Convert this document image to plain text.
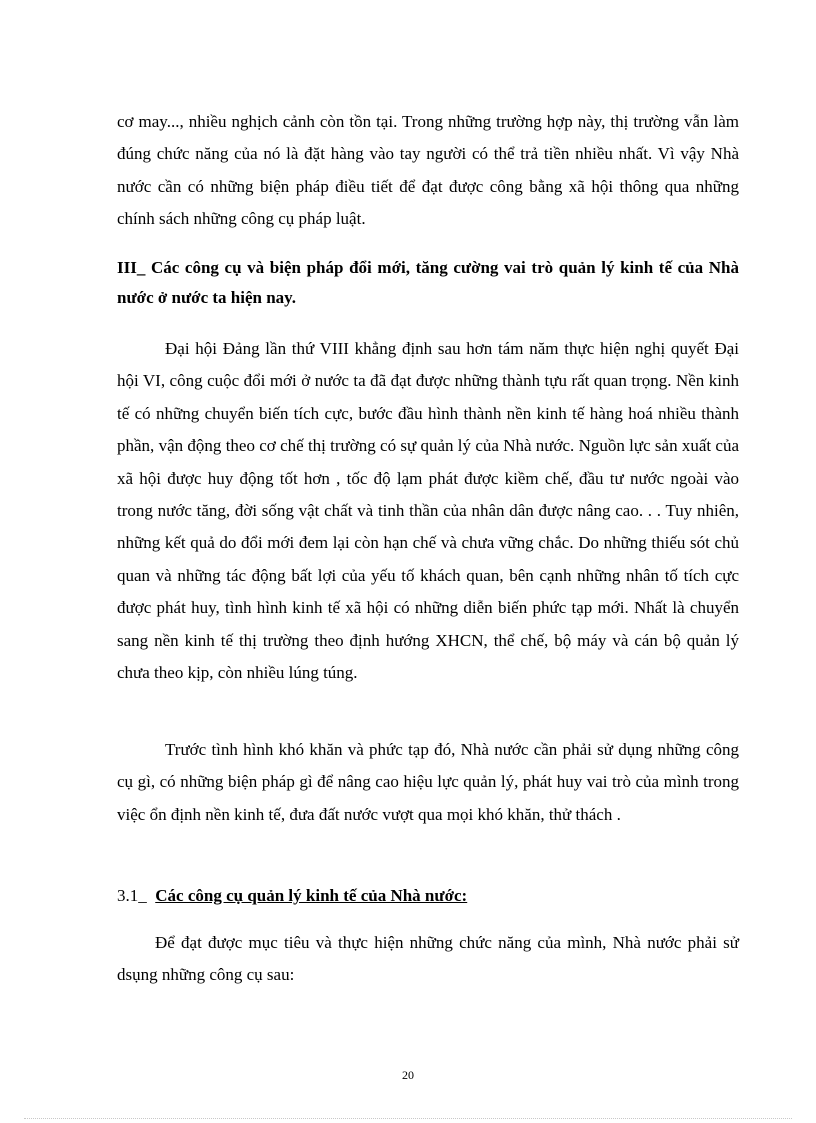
cơ may..., nhiều nghịch cảnh còn tồn tại. Trong những trường hợp này, thị trường vẫn làm đúng chức năng của nó là đặt hàng vào tay người có thể trả tiền nhiều nhất. Vì vậy Nhà nước cần có những biện pháp điều tiết để đạt được công bằng xã hội thông qua những chính sách những công cụ pháp luật.

III_ Các công cụ và biện pháp đổi mới, tăng cường vai trò quản lý kinh tế của Nhà nước ở nước ta hiện nay.

Đại hội Đảng lần thứ VIII khẳng định sau hơn tám năm thực hiện nghị quyết Đại hội VI, công cuộc đổi mới ở nước ta đã đạt được những thành tựu rất quan trọng. Nền kinh tế có những chuyển biến tích cực, bước đầu hình thành nền kinh tế hàng hoá nhiều thành phần, vận động theo cơ chế thị trường có sự quản lý của Nhà nước. Nguồn lực sản xuất của xã hội được huy động tốt hơn , tốc độ lạm phát được kiềm chế, đầu tư nước ngoài vào trong nước tăng, đời sống vật chất và tinh thần của nhân dân được nâng cao. . . Tuy nhiên, những kết quả do đổi mới đem lại còn hạn chế và chưa vững chắc. Do những thiếu sót chủ quan và những tác động bất lợi của yếu tố khách quan, bên cạnh những nhân tố tích cực được phát huy, tình hình kinh tế xã hội có những diễn biến phức tạp mới. Nhất là chuyển sang nền kinh tế thị trường theo định hướng XHCN, thể chế, bộ máy và cán bộ quản lý chưa theo kịp, còn nhiều lúng túng.

Trước tình hình khó khăn và phức tạp đó, Nhà nước cần phải sử dụng những công cụ gì, có những biện pháp gì để nâng cao hiệu lực quản lý, phát huy vai trò của mình trong việc ổn định nền kinh tế, đưa đất nước vượt qua mọi khó khăn, thử thách .

3.1_ Các công cụ quản lý kinh tế của Nhà nước:

Để đạt được mục tiêu và thực hiện những chức năng của mình, Nhà nước phải sử dsụng những công cụ sau:

20
